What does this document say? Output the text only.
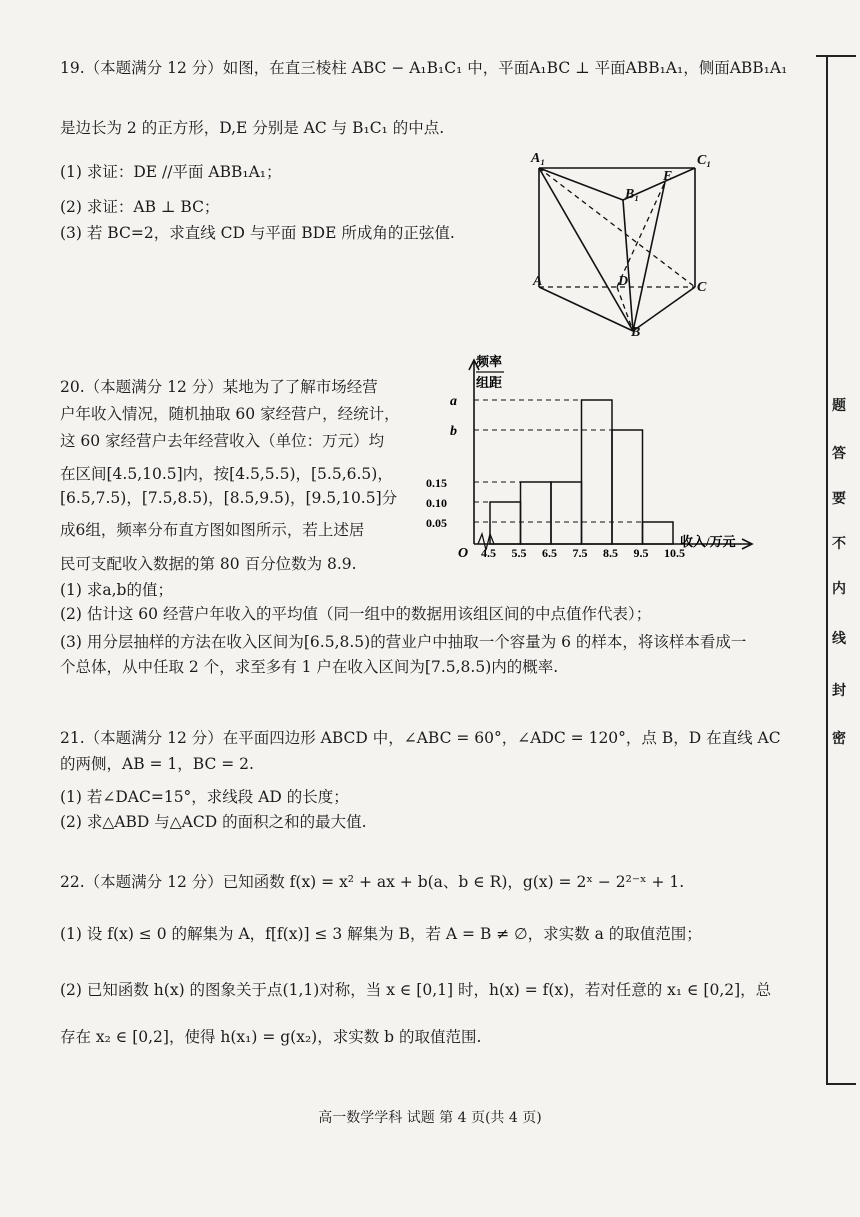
19.（本题满分 12 分）如图，在直三棱柱 ABC − A₁B₁C₁ 中，平面A₁BC ⊥ 平面ABB₁A₁，侧面ABB₁A₁
是边长为 2 的正方形，D,E 分别是 AC 与 B₁C₁ 的中点.
(1) 求证：DE //平面 ABB₁A₁；
(2) 求证：AB ⊥ BC；
(3) 若 BC=2，求直线 CD 与平面 BDE 所成角的正弦值.
A₁	C₁
B₁
E
A	D	C
B
20.（本题满分 12 分）某地为了了解市场经营
户年收入情况，随机抽取 60 家经营户，经统计，
这 60 家经营户去年经营收入（单位：万元）均
在区间[4.5,10.5]内，按[4.5,5.5)，[5.5,6.5)，
[6.5,7.5)，[7.5,8.5)，[8.5,9.5)，[9.5,10.5]分
成6组，频率分布直方图如图所示，若上述居
民可支配收入数据的第 80 百分位数为 8.9.
(1) 求a,b的值；
(2) 估计这 60 经营户年收入的平均值（同一组中的数据用该组区间的中点值作代表）；
(3) 用分层抽样的方法在收入区间为[6.5,8.5)的营业户中抽取一个容量为 6 的样本，将该样本看成一
个总体，从中任取 2 个，求至多有 1 户在收入区间为[7.5,8.5)内的概率.
频率
组距
O
收入/万元
a
b
0.15
0.10
0.05
4.5 5.5 6.5 7.5 8.5 9.5 10.5
21.（本题满分 12 分）在平面四边形 ABCD 中，∠ABC = 60°，∠ADC = 120°，点 B，D 在直线 AC
的两侧，AB = 1，BC = 2.
(1) 若∠DAC=15°，求线段 AD 的长度；
(2) 求△ABD 与△ACD 的面积之和的最大值.
22.（本题满分 12 分）已知函数 f(x) = x² + ax + b(a、b ∈ R)，g(x) = 2ˣ − 2²⁻ˣ + 1.
(1) 设 f(x) ≤ 0 的解集为 A，f[f(x)] ≤ 3 解集为 B，若 A = B ≠ ∅，求实数 a 的取值范围；
(2) 已知函数 h(x) 的图象关于点(1,1)对称，当 x ∈ [0,1] 时，h(x) = f(x)，若对任意的 x₁ ∈ [0,2]，总
存在 x₂ ∈ [0,2]，使得 h(x₁) = g(x₂)，求实数 b 的取值范围.
题
答
要
不
内
线
封
密
高一数学学科 试题 第 4 页(共 4 页)
